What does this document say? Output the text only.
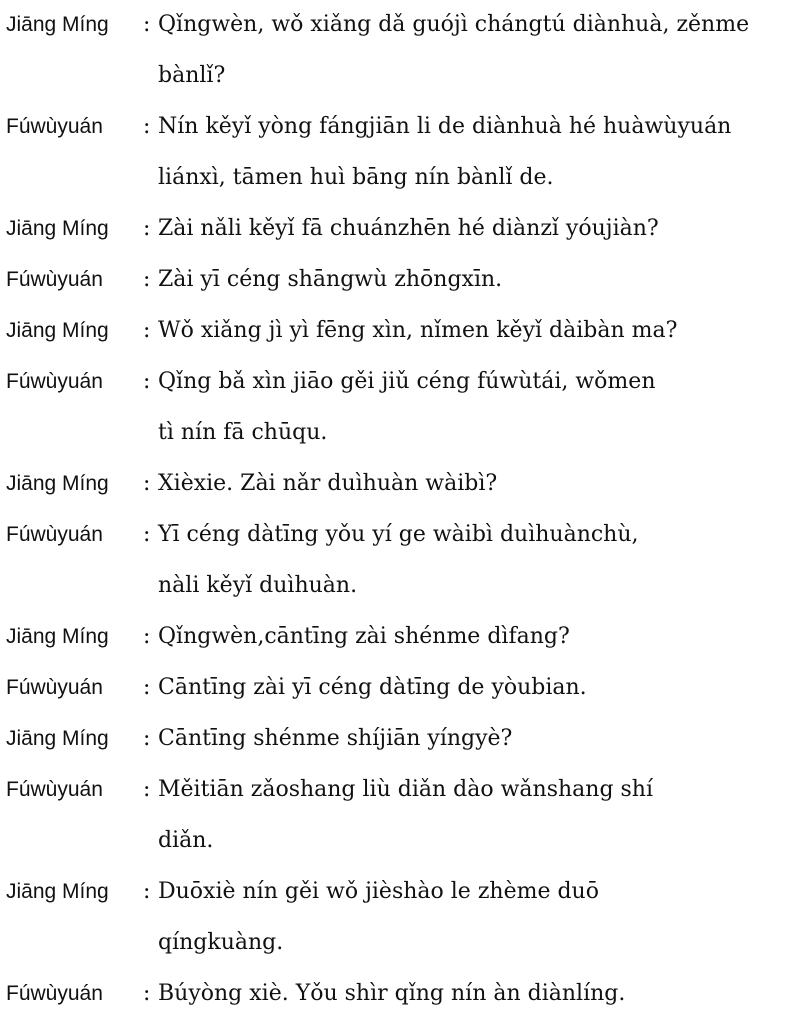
Jiāng Míng : Qǐngwèn, wǒ xiǎng dǎ guójì chángtú diànhuà, zěnme
bànlǐ?
Fúwùyuán : Nín kěyǐ yòng fángjiān li de diànhuà hé huàwùyuán
liánxì, tāmen huì bāng nín bànlǐ de.
Jiāng Míng : Zài nǎli kěyǐ fā chuánzhēn hé diànzǐ yóujiàn?
Fúwùyuán : Zài yī céng shāngwù zhōngxīn.
Jiāng Míng : Wǒ xiǎng jì yì fēng xìn, nǐmen kěyǐ dàibàn ma?
Fúwùyuán : Qǐng bǎ xìn jiāo gěi jiǔ céng fúwùtái, wǒmen
tì nín fā chūqu.
Jiāng Míng : Xièxie. Zài nǎr duìhuàn wàibì?
Fúwùyuán : Yī céng dàtīng yǒu yí ge wàibì duìhuànchù,
nàli kěyǐ duìhuàn.
Jiāng Míng : Qǐngwèn,cāntīng zài shénme dìfang?
Fúwùyuán : Cāntīng zài yī céng dàtīng de yòubian.
Jiāng Míng : Cāntīng shénme shíjiān yíngyè?
Fúwùyuán : Měitiān zǎoshang liù diǎn dào wǎnshang shí
diǎn.
Jiāng Míng : Duōxiè nín gěi wǒ jièshào le zhème duō
qíngkuàng.
Fúwùyuán : Búyòng xiè. Yǒu shìr qǐng nín àn diànlíng.
